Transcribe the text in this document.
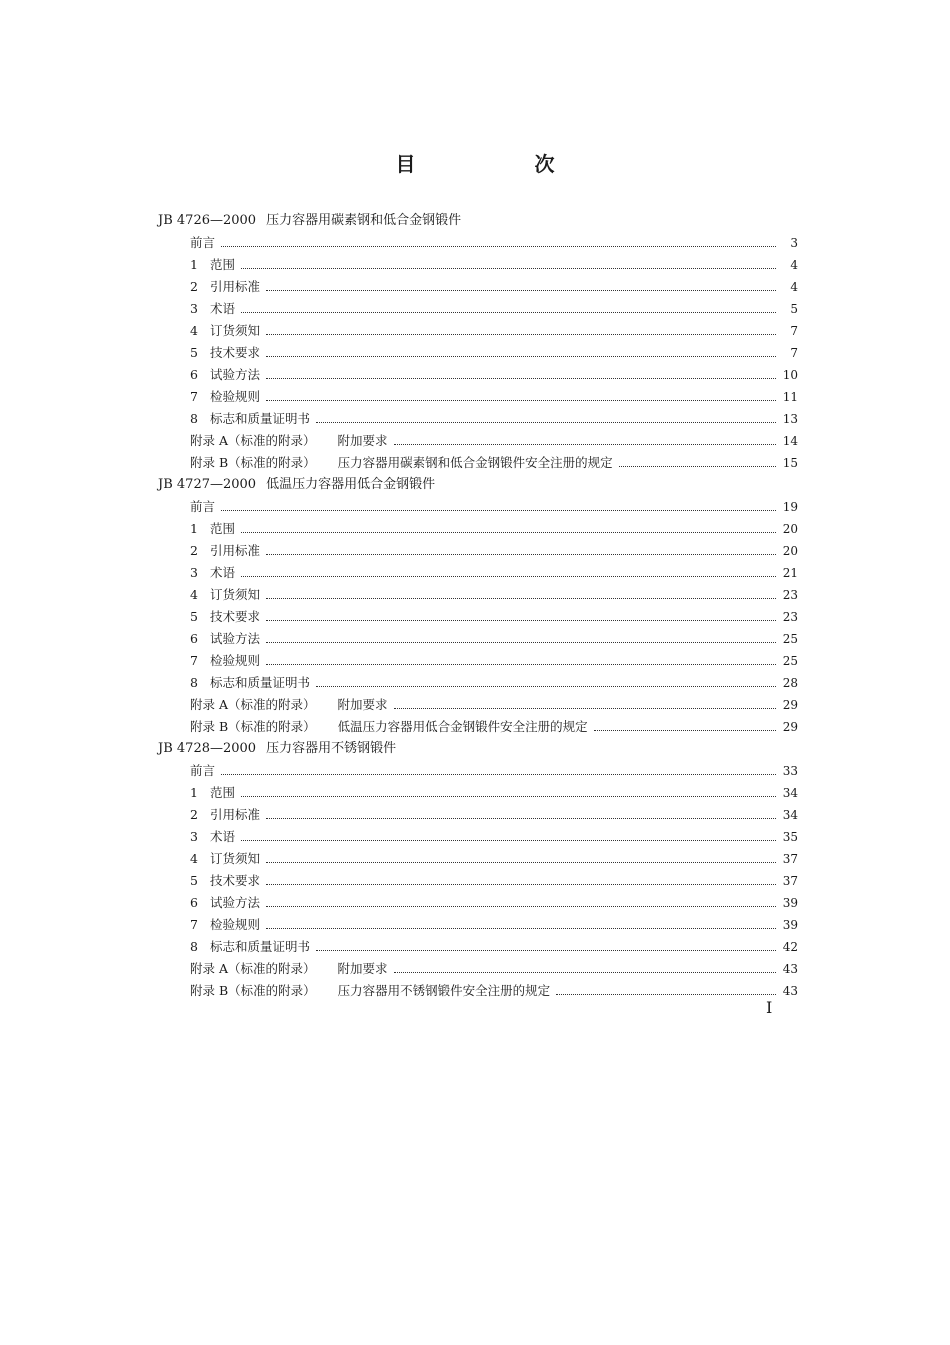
目 次
JB 4726—2000 压力容器用碳素钢和低合金钢锻件
前言	3
1 范围	4
2 引用标准	4
3 术语	5
4 订货须知	7
5 技术要求	7
6 试验方法	10
7 检验规则	11
8 标志和质量证明书	13
附录 A（标准的附录） 附加要求	14
附录 B（标准的附录） 压力容器用碳素钢和低合金钢锻件安全注册的规定	15
JB 4727—2000 低温压力容器用低合金钢锻件
前言	19
1 范围	20
2 引用标准	20
3 术语	21
4 订货须知	23
5 技术要求	23
6 试验方法	25
7 检验规则	25
8 标志和质量证明书	28
附录 A（标准的附录） 附加要求	29
附录 B（标准的附录） 低温压力容器用低合金钢锻件安全注册的规定	29
JB 4728—2000 压力容器用不锈钢锻件
前言	33
1 范围	34
2 引用标准	34
3 术语	35
4 订货须知	37
5 技术要求	37
6 试验方法	39
7 检验规则	39
8 标志和质量证明书	42
附录 A（标准的附录） 附加要求	43
附录 B（标准的附录） 压力容器用不锈钢锻件安全注册的规定	43
I
